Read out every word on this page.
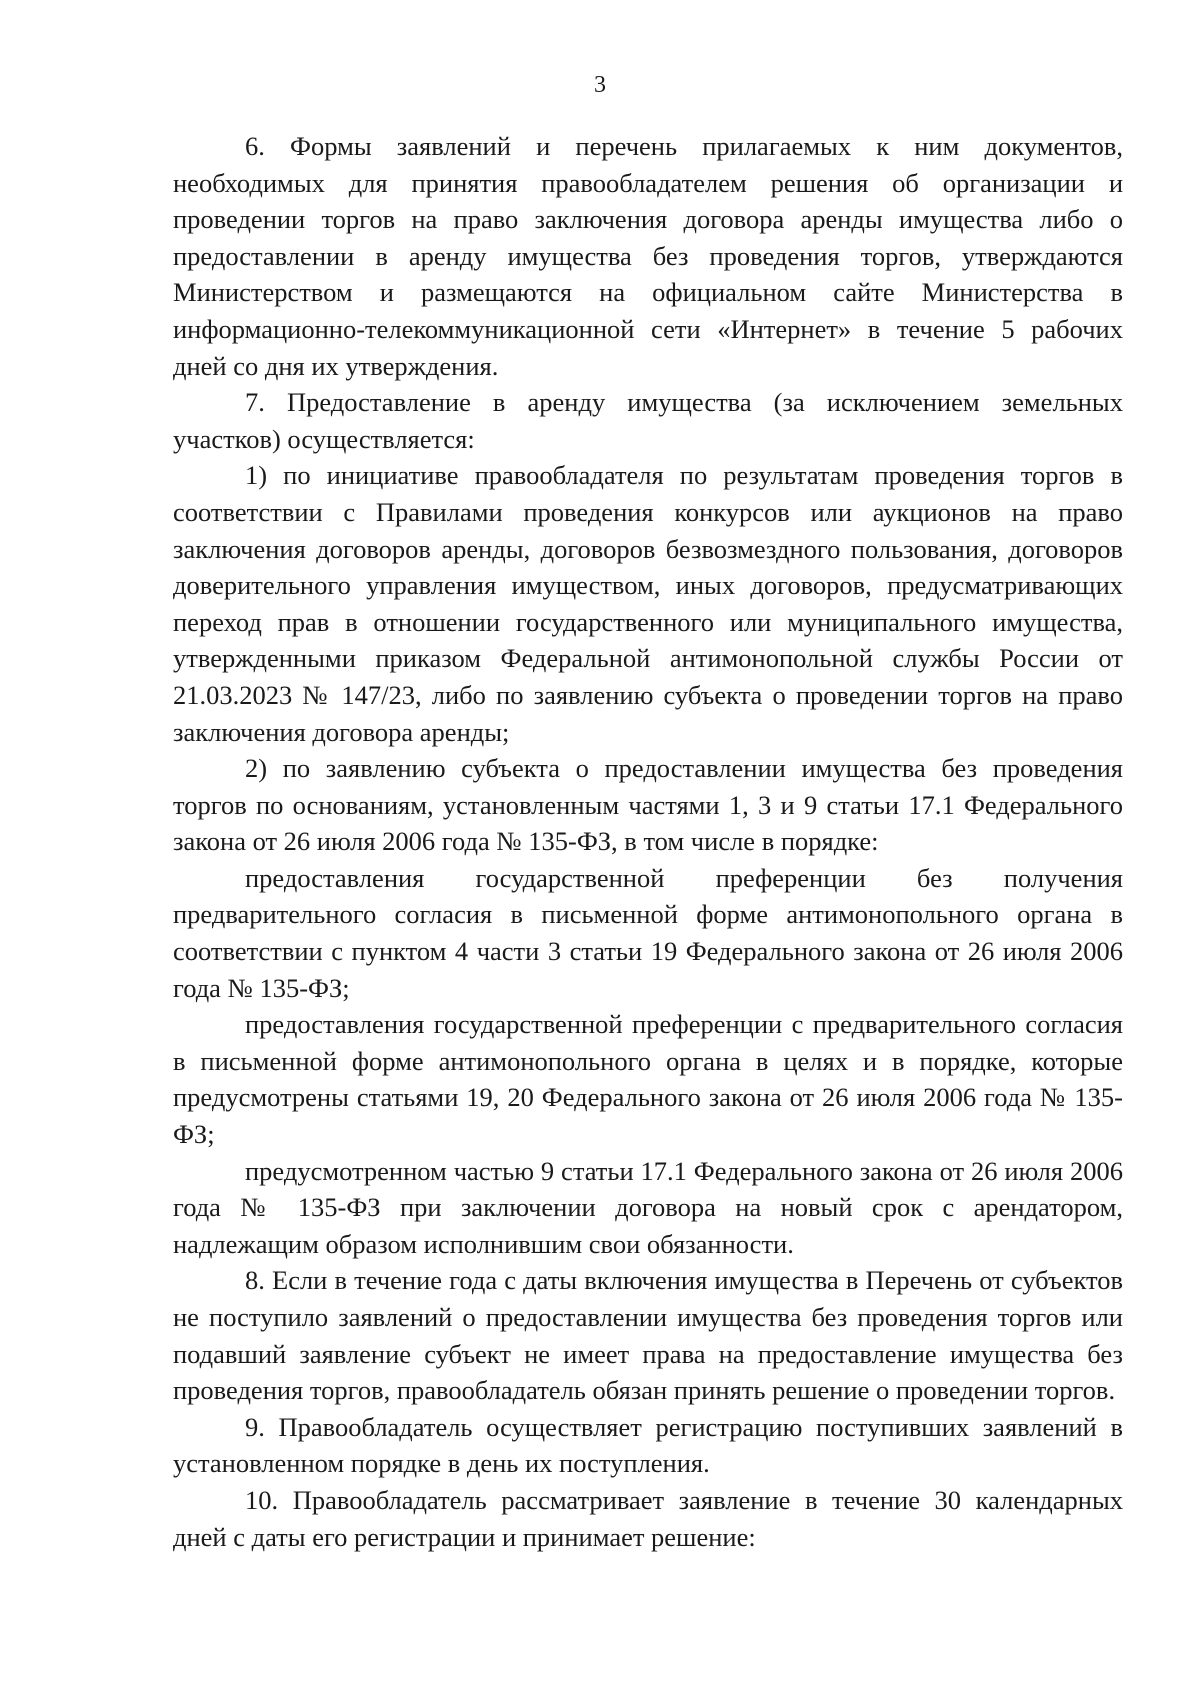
3

6. Формы заявлений и перечень прилагаемых к ним документов, необходимых для принятия правообладателем решения об организации и проведении торгов на право заключения договора аренды имущества либо о предоставлении в аренду имущества без проведения торгов, утверждаются Министерством и размещаются на официальном сайте Министерства в информационно-телекоммуникационной сети «Интернет» в течение 5 рабочих дней со дня их утверждения.

7. Предоставление в аренду имущества (за исключением земельных участков) осуществляется:

1) по инициативе правообладателя по результатам проведения торгов в соответствии с Правилами проведения конкурсов или аукционов на право заключения договоров аренды, договоров безвозмездного пользования, договоров доверительного управления имуществом, иных договоров, предусматривающих переход прав в отношении государственного или муниципального имущества, утвержденными приказом Федеральной антимонопольной службы России от 21.03.2023 № 147/23, либо по заявлению субъекта о проведении торгов на право заключения договора аренды;

2) по заявлению субъекта о предоставлении имущества без проведения торгов по основаниям, установленным частями 1, 3 и 9 статьи 17.1 Федерального закона от 26 июля 2006 года № 135-ФЗ, в том числе в порядке:

предоставления государственной преференции без получения предварительного согласия в письменной форме антимонопольного органа в соответствии с пунктом 4 части 3 статьи 19 Федерального закона от 26 июля 2006 года № 135-ФЗ;

предоставления государственной преференции с предварительного согласия в письменной форме антимонопольного органа в целях и в порядке, которые предусмотрены статьями 19, 20 Федерального закона от 26 июля 2006 года № 135-ФЗ;

предусмотренном частью 9 статьи 17.1 Федерального закона от 26 июля 2006 года № 135-ФЗ при заключении договора на новый срок с арендатором, надлежащим образом исполнившим свои обязанности.

8. Если в течение года с даты включения имущества в Перечень от субъектов не поступило заявлений о предоставлении имущества без проведения торгов или подавший заявление субъект не имеет права на предоставление имущества без проведения торгов, правообладатель обязан принять решение о проведении торгов.

9. Правообладатель осуществляет регистрацию поступивших заявлений в установленном порядке в день их поступления.

10. Правообладатель рассматривает заявление в течение 30 календарных дней с даты его регистрации и принимает решение:
